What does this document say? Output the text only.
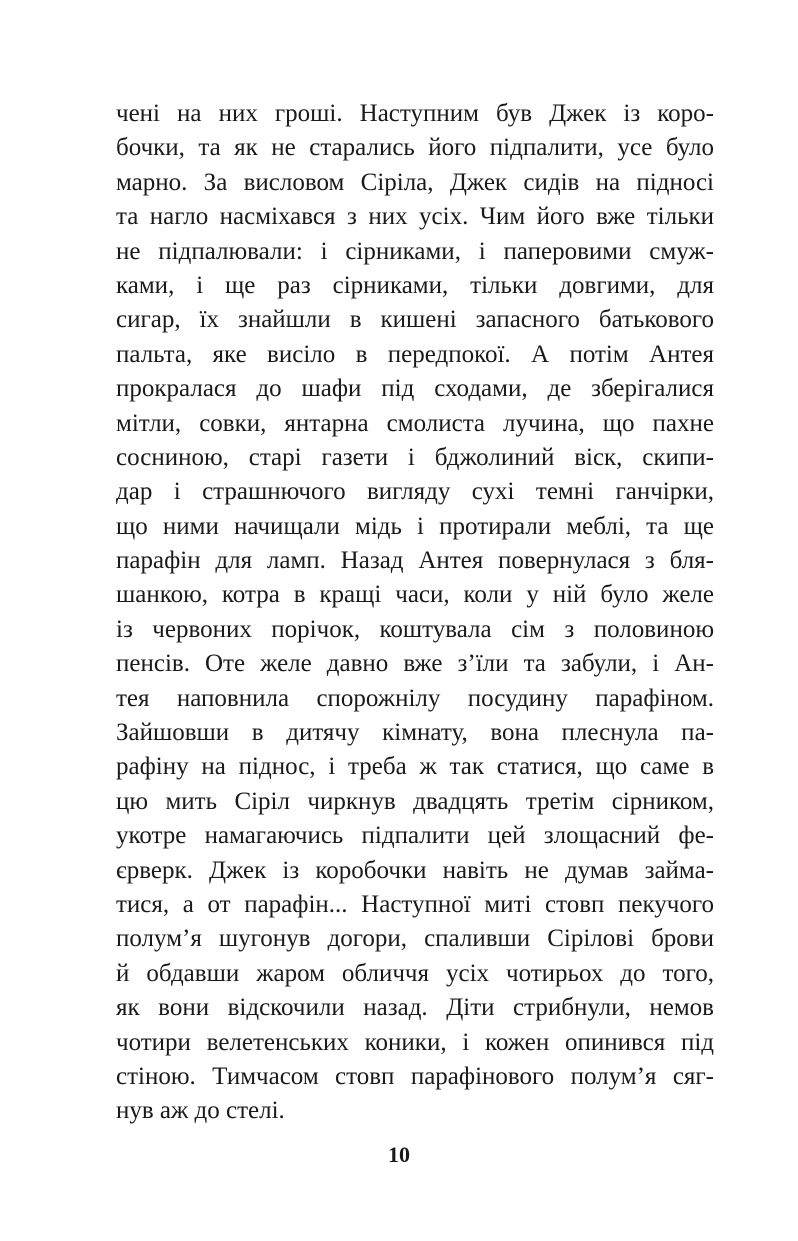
чені на них гроші. Наступним був Джек із коро-
бочки, та як не старались його підпалити, усе було
марно. За висловом Сіріла, Джек сидів на підносі
та нагло насміхався з них усіх. Чим його вже тільки
не підпалювали: і сірниками, і паперовими смуж-
ками, і ще раз сірниками, тільки довгими, для
сигар, їх знайшли в кишені запасного батькового
пальта, яке висіло в передпокої. А потім Антея
прокралася до шафи під сходами, де зберігалися
мітли, совки, янтарна смолиста лучина, що пахне
сосниною, старі газети і бджолиний віск, скипи-
дар і страшнючого вигляду сухі темні ганчірки,
що ними начищали мідь і протирали меблі, та ще
парафін для ламп. Назад Антея повернулася з бля-
шанкою, котра в кращі часи, коли у ній було желе
із червоних порічок, коштувала сім з половиною
пенсів. Оте желе давно вже з’їли та забули, і Ан-
тея наповнила спорожнілу посудину парафіном.
Зайшовши в дитячу кімнату, вона плеснула па-
рафіну на піднос, і треба ж так статися, що саме в
цю мить Сіріл чиркнув двадцять третім сірником,
укотре намагаючись підпалити цей злощасний фе-
єрверк. Джек із коробочки навіть не думав займа-
тися, а от парафін... Наступної миті стовп пекучого
полум’я шугонув догори, спаливши Сірілові брови
й обдавши жаром обличчя усіх чотирьох до того,
як вони відскочили назад. Діти стрибнули, немов
чотири велетенських коники, і кожен опинився під
стіною. Тимчасом стовп парафінового полум’я сяг-
нув аж до стелі.
10
